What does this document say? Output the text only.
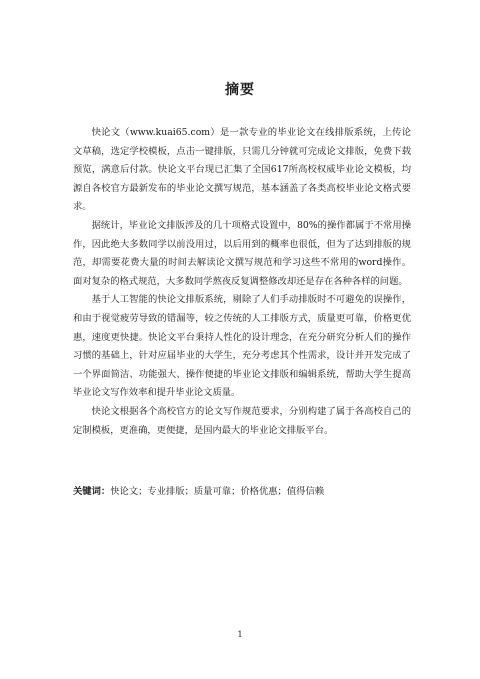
摘要

快论文（www.kuai65.com）是一款专业的毕业论文在线排版系统，上传论文草稿，选定学校模板，点击一键排版，只需几分钟就可完成论文排版，免费下载预览，满意后付款。快论文平台现已汇集了全国617所高校权威毕业论文模板，均源自各校官方最新发布的毕业论文撰写规范，基本涵盖了各类高校毕业论文格式要求。

据统计，毕业论文排版涉及的几十项格式设置中，80%的操作都属于不常用操作，因此绝大多数同学以前没用过，以后用到的概率也很低，但为了达到排版的规范，却需要花费大量的时间去解读论文撰写规范和学习这些不常用的word操作。面对复杂的格式规范，大多数同学熬夜反复调整修改却还是存在各种各样的问题。

基于人工智能的快论文排版系统，剔除了人们手动排版时不可避免的误操作，和由于视觉疲劳导致的错漏等，较之传统的人工排版方式，质量更可靠，价格更优惠，速度更快捷。快论文平台秉持人性化的设计理念，在充分研究分析人们的操作习惯的基础上，针对应届毕业的大学生，充分考虑其个性需求，设计并开发完成了一个界面简洁、功能强大、操作便捷的毕业论文排版和编辑系统，帮助大学生提高毕业论文写作效率和提升毕业论文质量。

快论文根据各个高校官方的论文写作规范要求，分别构建了属于各高校自己的定制模板，更准确，更便捷，是国内最大的毕业论文排版平台。

关键词：快论文；专业排版；质量可靠；价格优惠；值得信赖

1
